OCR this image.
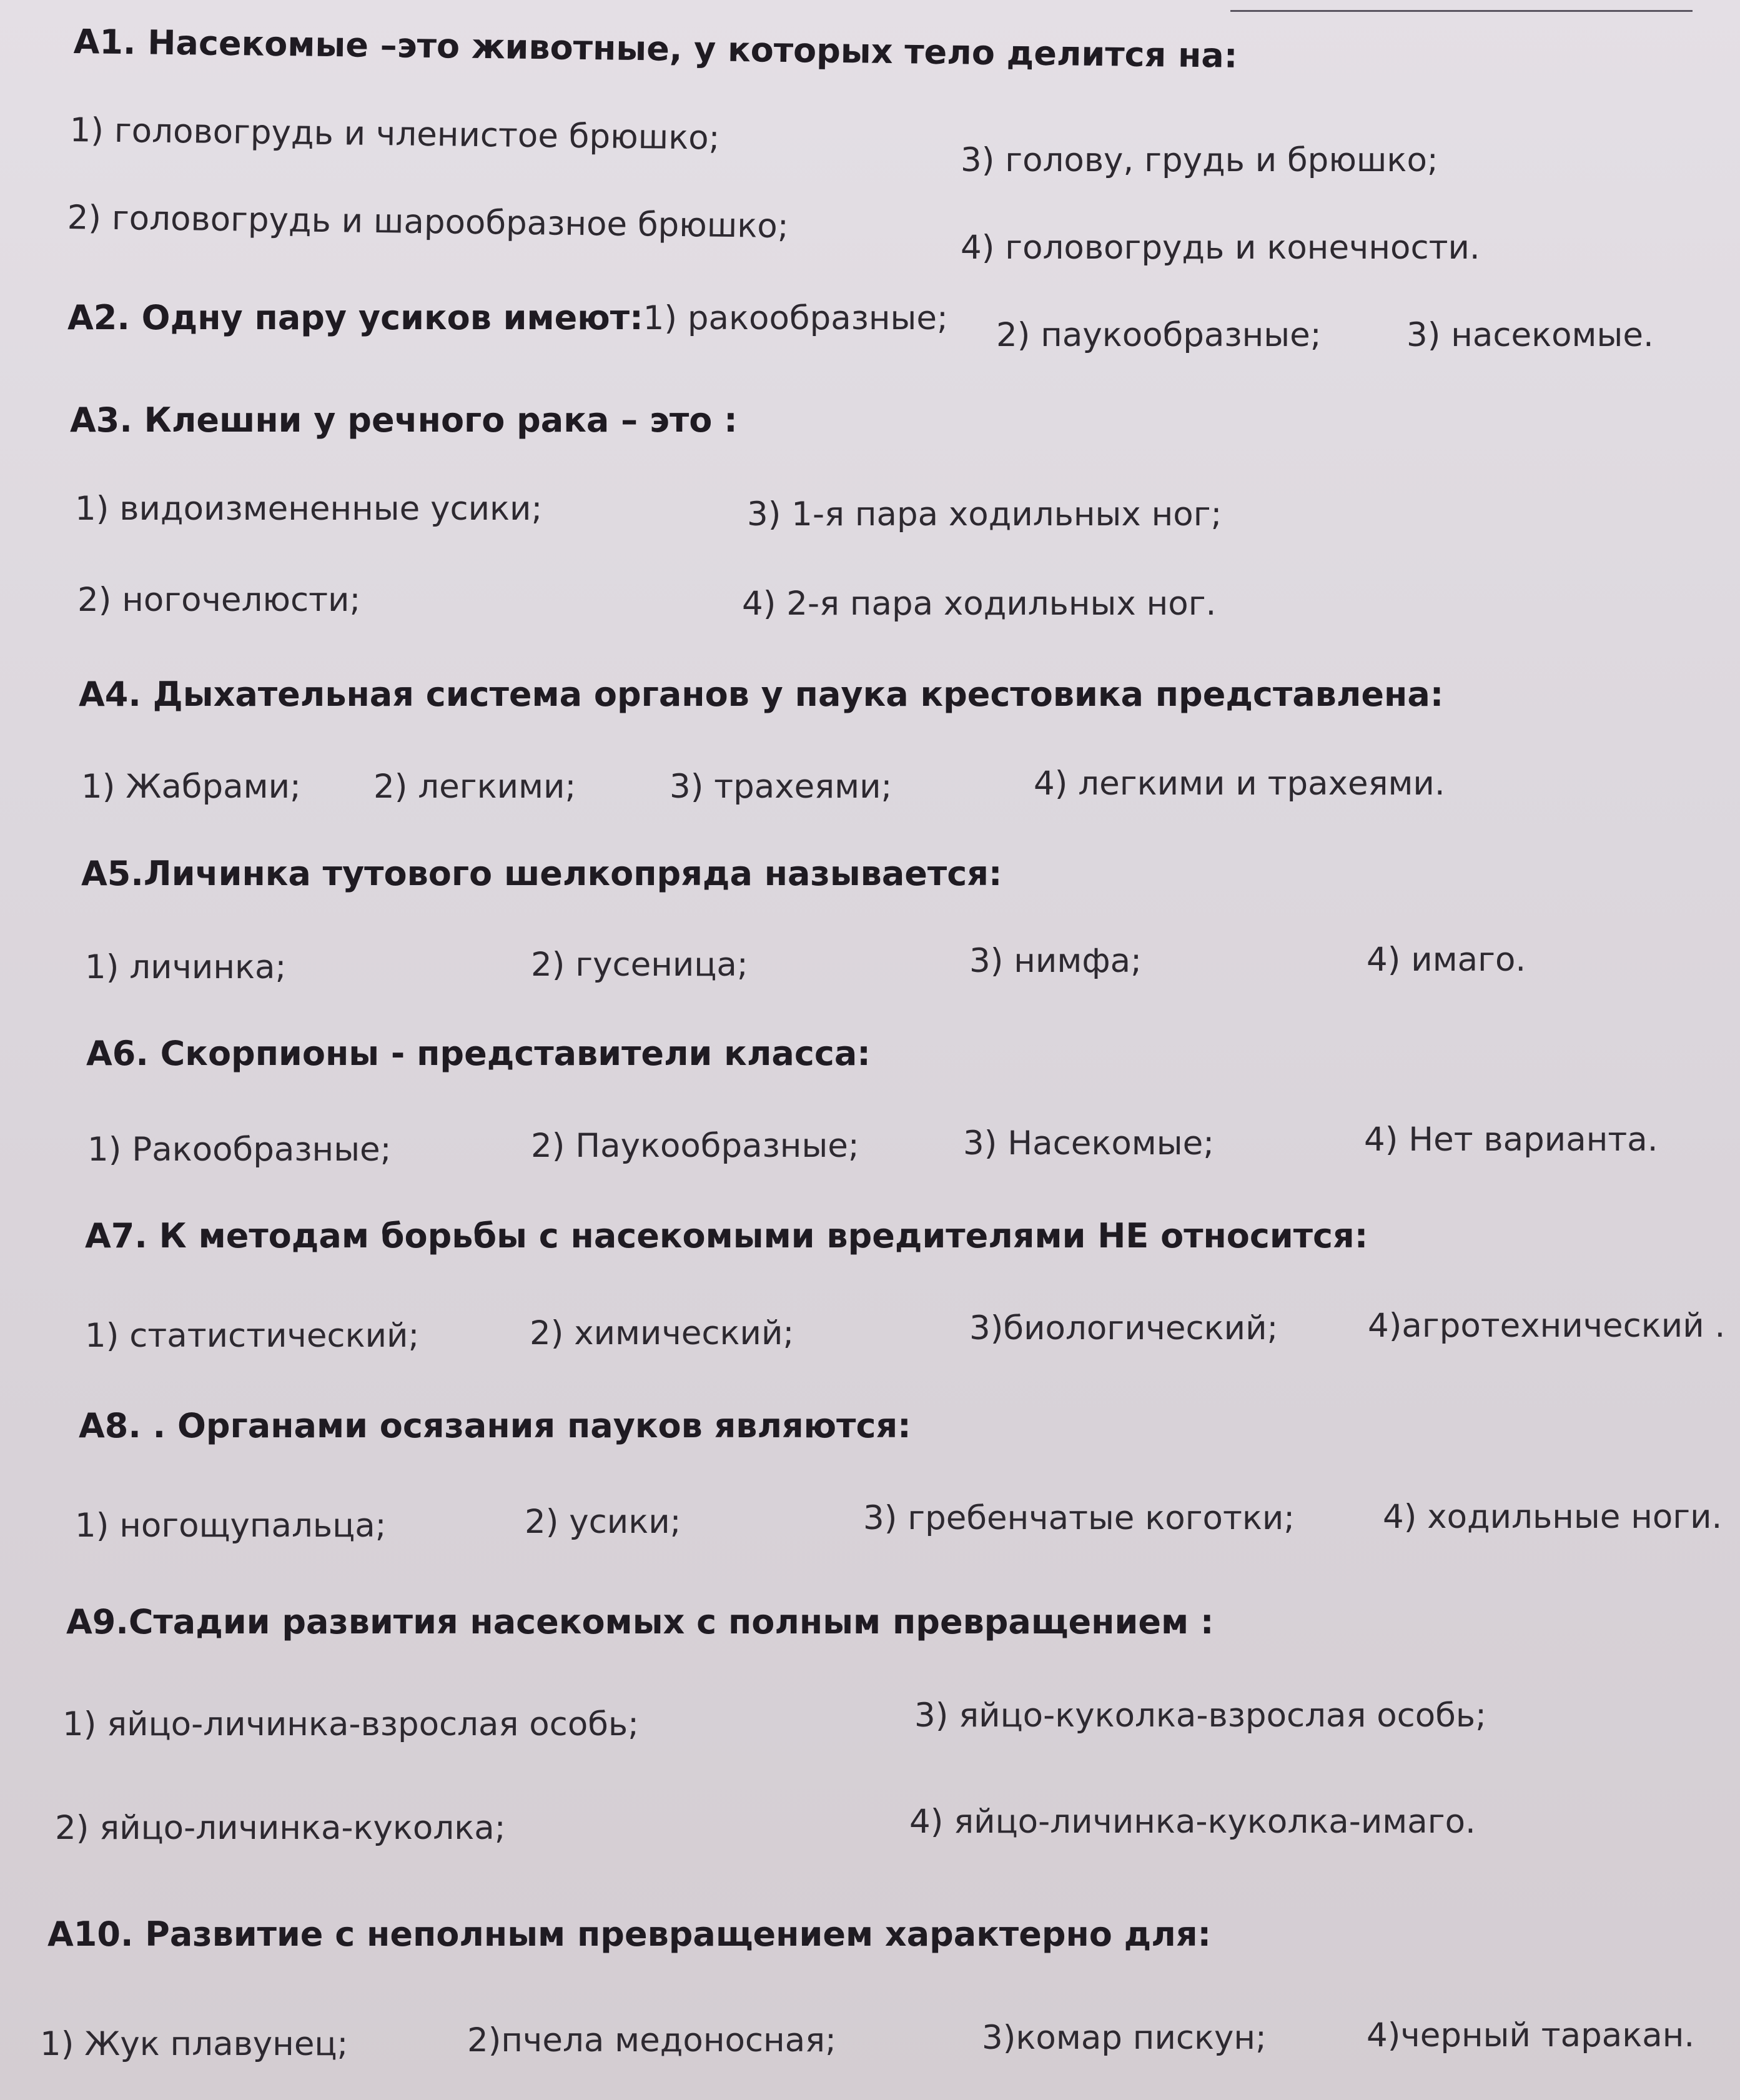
А1. Насекомые –это животные, у которых тело делится на:
1) головогрудь и членистое брюшко;
3) голову, грудь и брюшко;
2) головогрудь и шарообразное брюшко;
4) головогрудь и конечности.
А2. Одну пару усиков имеют:1) ракообразные; 2) паукообразные;	3) насекомые.
А3. Клешни у речного рака – это :
1) видоизмененные усики;	3) 1-я пара ходильных ног;
2) ногочелюсти;	4) 2-я пара ходильных ног.
А4. Дыхательная система органов у паука крестовика представлена:
1) Жабрами; 2) легкими;	3) трахеями;	4) легкими и трахеями.
А5.Личинка тутового шелкопряда называется:
1) личинка;	2) гусеница;	3) нимфа;	4) имаго.
А6. Скорпионы - представители класса:
1) Ракообразные;	2) Паукообразные;	3) Насекомые;	4) Нет варианта.
А7. К методам борьбы с насекомыми вредителями НЕ относится:
1) статистический;	2) химический;	3)биологический;	4)агротехнический .
А8. . Органами осязания пауков являются:
1) ногощупальца;	2) усики;	3) гребенчатые коготки;	4) ходильные ноги.
А9.Стадии развития насекомых с полным превращением :
1) яйцо-личинка-взрослая особь;	3) яйцо-куколка-взрослая особь;
2) яйцо-личинка-куколка;	4) яйцо-личинка-куколка-имаго.
А10. Развитие с неполным превращением характерно для:
1) Жук плавунец;	2)пчела медоносная;	3)комар пискун;	4)черный таракан.
